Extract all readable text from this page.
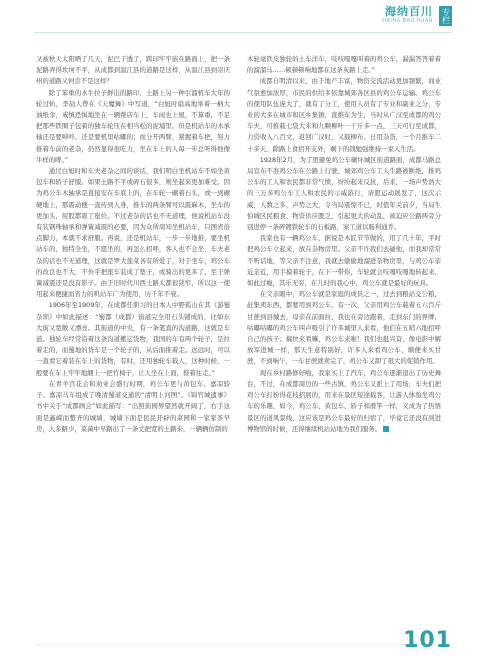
海纳百川
HAINA BAICHUAN	专栏

又被秋天太阳晒了几天，泥巴干透了，跨印牢牢嵌在路面上，把一条泥路弄得坎坷不平，从成都到温江县的道路是这样，从温江县到崇庆州的道路又何尝不是这样？

除了笨重的水牛拉子鲜出的路印，土路上另一种引溜机车大年的轮过轨，李劼人曾在《天魔舞》中写道，“白旭时扇高地举着一柄大油纸伞，戒慎恐惧地坐在一辆帮店车上，车雨也上屋，不算重，不足把那些铁圈子包着的独车轮压在相当松的泥埔里。但是机站车的木承轴还是要呻吟，还是要机里咕嘟的；而分开两臂，紧握着车把，努力推着车前的老杂，仍然显得很吃力，坐在车上的人每一步总听得他像牛样的哮。”

通过白旭时和车夫老杂之间的谈话，我们明白坐机站车不如坐黄包车和轿子舒服。如果土路不平或碎石很多，则坐起来更加难受。因为鸡公车木轴承是直接安在车底上的，在车轮一碾着石头，或一到碾硬地上，那震动便一直传到人身，推车的两条臂可以震麻木，坐车的更加头，屁股都震了座位。不过老杂的话也不无道理，他说机站车没有装钢珠轴承和弹簧减震的必要，因为众所周知坐机站车，只图省倍点脚力，本就不求舒服。再说，还是机站车，一步一步地推，要坐机站车的，独特全坐，不愿坐的，再怎么招呼，客人也不会坐，车夫老杂的话也不无道理，这就是罗大莲菜各有所爱了，对于坐车，鸡公车的改良也不大，不外乎把座车装成了垫子，或骑出的更多了，至于弹簧减震还是没有影子。由于旧时代川西土路太都很狭窄，所以这一使用起来便捷而省力的叽站车广为使用，历千年不衰。

1906年至1909年，在成都任职习的日本人中野孤山在其《游蜀杂琐》中如此描述：“蜀都（成都）街道完全用石头铺成的，比如东大街又宽敞又漂亮。其街道的中央，有一条笔直的沟道路，这就是车道。独轮车经常沿着这条沟道搬运货物，我国的车有两个轮子，是拉着走的，而蜀地的货车是一个轮子的，从后面推着走。远远时，可以一直看它着装在车上的货物，有时，还用独轮车载人，这种时候，一般要在车上牢牢地綑上一把竹椅子，让人坐在上面，推着往走。”

在青羊宫花会和劝业会盛行时期，鸡公车更与黄包车、嘉凉轿子、嘉凉马车组成了晚清蜀道交通的“清明上河图”。《锦官城遗事》书中关于“成都画会”如此描写：“出照街园界望然就开阔了，右手这面是鑫嵘而整齐的城墙，城墙下面是民民开辟的菜园和一家家茶早房，人多路少，菜菌中早路出了一条丈把宽的土路来，一辆辆仿制的

木轮毫铁皮独轮的土车洋车，吱吱嘎嘎叫着的鸡公车，漏漏答答着着的溜溜马……顿顿顿响地都在这条灰路上走。”

成都自明清以来，由于地产丰富，物资交流活动更加频繁，商业气氛愈加浓厚，市民的供给多依靠城郊各区县的鸡公车运输。鸡公车的使用队伍庞大了，就有了分工，使用人员有了专业和副业之分，专业的大多在城市和区乡集镇，直推车为生，当时从广汉至成都的鸡公车夫，可推载七袋大米和九颗柳叶一干斤多一点，三天可行至成都，力资收入八百文，返回广汉时，又载柳布、日用杂货，一个月推车二十多天，除路上食宿开支外，剩下的钱勉强维持一家人生活。

1928年2月，为了更避免鸡公车碾坏城区街道路面，成都马路总局宣布不准鸡公车在公路上行驶，城郊鸡公车工人生路被断绝，推鸡公车的工人和农民都非常气愤，纷纷起来反抗，后来，一场声势浩大的三万多鸡公车工人和农民的示威游行，请愿运动展发了，这次示威，人数之多，声势之大，令当局震惊不已，时值年关前夕，当局生怕城区民粮食、物资供应匮乏，引起更大的动乱，被迫应公路两旁分别进停一条碎镀铁轮车的石板路，案工道以肠利通乔。

我家也有一辆鸡公车，据说是木匠节节做的，用了几十年，平时把鸡公车立起来，放在杂物房里。父亲不许我们去碰他，而我却常常不听话地，等父亲不注意，我就去偷偷地溜进杂物房里，与鸡公车亲近亲近，用手摸着轮子，在下一带你，车轮就会吱嘎吱嘎地转起来，如此过瘾，其乐无穷，在儿时的我心中，鸡公车就是最好的玩具。

在父亲眼中，鸡公车就是家庭的成员之一，过去到粮站交公粮，赶集卖东西，都要用到鸡公车，有一次，父亲用鸡公车载着五六百斤甘蔗到县城去，母亲在前面拉，我也在旁边跟着，走到东门的界牌，咕嘟咕嘟的鸡公车叫声吸引了许多城里人来看，他们在五哨六地招呼自己的孩子；搞快来看嘛，鸡公车来啦！我们也挺兴奋，像电影中解放军进城一样，那天生意特别好，许多人来看鸡公车，顺便来买甘蔗，不到响午，一车甘蔗就卖完了，鸡公车又卸了很大的促销作用。

现在乡村路修好啦，我家买上了汽车，鸡公车逐渐退出了历史舞台，不过，在成都周边的一些古镇，鸡公车又派上了用场，车夫们把鸡公车打扮得花枝招展的，用来在景区短途载客，让游人体验坐鸡公车的乐趣，如今，鸡公车、黄包车、轿子和滑竿一样，又成为了热悟景区的道风景线，这应该是鸡公车最好的归宿了，毕竟它还没有到进博物馆的时候，还得继续机站站地为我们服务。

101
